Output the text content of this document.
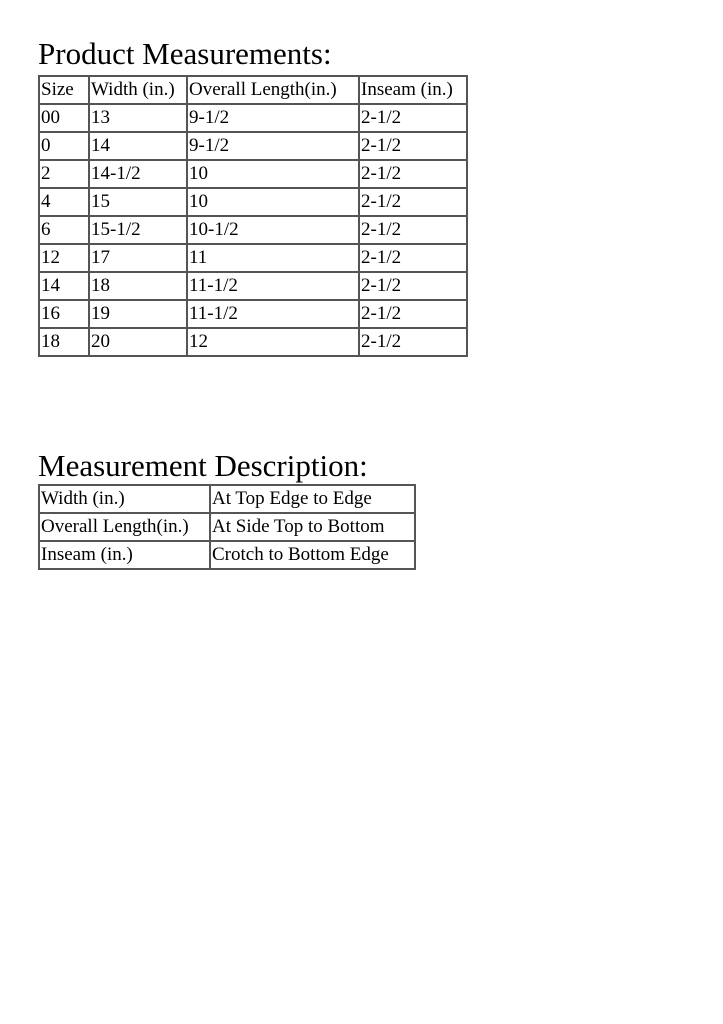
Product Measurements:
Size	Width (in.)	Overall Length(in.)	Inseam (in.)
00	13	9-1/2	2-1/2
0	14	9-1/2	2-1/2
2	14-1/2	10	2-1/2
4	15	10	2-1/2
6	15-1/2	10-1/2	2-1/2
12	17	11	2-1/2
14	18	11-1/2	2-1/2
16	19	11-1/2	2-1/2
18	20	12	2-1/2
Measurement Description:
Width (in.)	At Top Edge to Edge
Overall Length(in.)	At Side Top to Bottom
Inseam (in.)	Crotch to Bottom Edge
